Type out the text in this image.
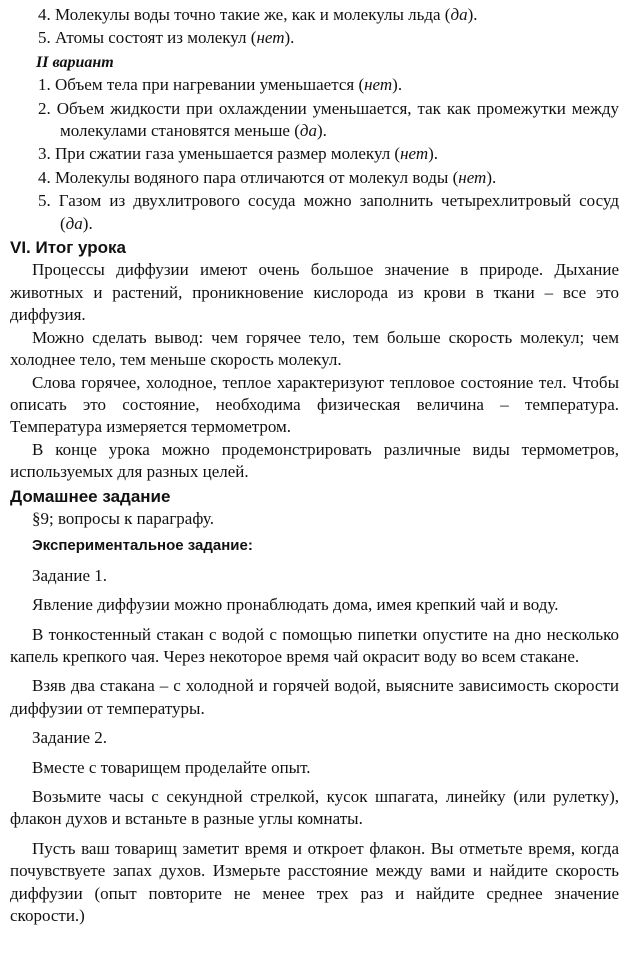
4. Молекулы воды точно такие же, как и молекулы льда (да).

5. Атомы состоят из молекул (нет).

II вариант

1. Объем тела при нагревании уменьшается (нет).

2. Объем жидкости при охлаждении уменьшается, так как промежутки между молекулами становятся меньше (да).

3. При сжатии газа уменьшается размер молекул (нет).

4. Молекулы водяного пара отличаются от молекул воды (нет).

5. Газом из двухлитрового сосуда можно заполнить четырехлитровый сосуд (да).

VI. Итог урока

Процессы диффузии имеют очень большое значение в природе. Дыхание животных и растений, проникновение кислорода из крови в ткани – все это диффузия.

Можно сделать вывод: чем горячее тело, тем больше скорость молекул; чем холоднее тело, тем меньше скорость молекул.

Слова горячее, холодное, теплое характеризуют тепловое состояние тел. Чтобы описать это состояние, необходима физическая величина – температура. Температура измеряется термометром.

В конце урока можно продемонстрировать различные виды термометров, используемых для разных целей.

Домашнее задание

§9; вопросы к параграфу.

Экспериментальное задание:

Задание 1.

Явление диффузии можно пронаблюдать дома, имея крепкий чай и воду.

В тонкостенный стакан с водой с помощью пипетки опустите на дно несколько капель крепкого чая. Через некоторое время чай окрасит воду во всем стакане.

Взяв два стакана – с холодной и горячей водой, выясните зависимость скорости диффузии от температуры.

Задание 2.

Вместе с товарищем проделайте опыт.

Возьмите часы с секундной стрелкой, кусок шпагата, линейку (или рулетку), флакон духов и встаньте в разные углы комнаты.

Пусть ваш товарищ заметит время и откроет флакон. Вы отметьте время, когда почувствуете запах духов. Измерьте расстояние между вами и найдите скорость диффузии (опыт повторите не менее трех раз и найдите среднее значение скорости.)
